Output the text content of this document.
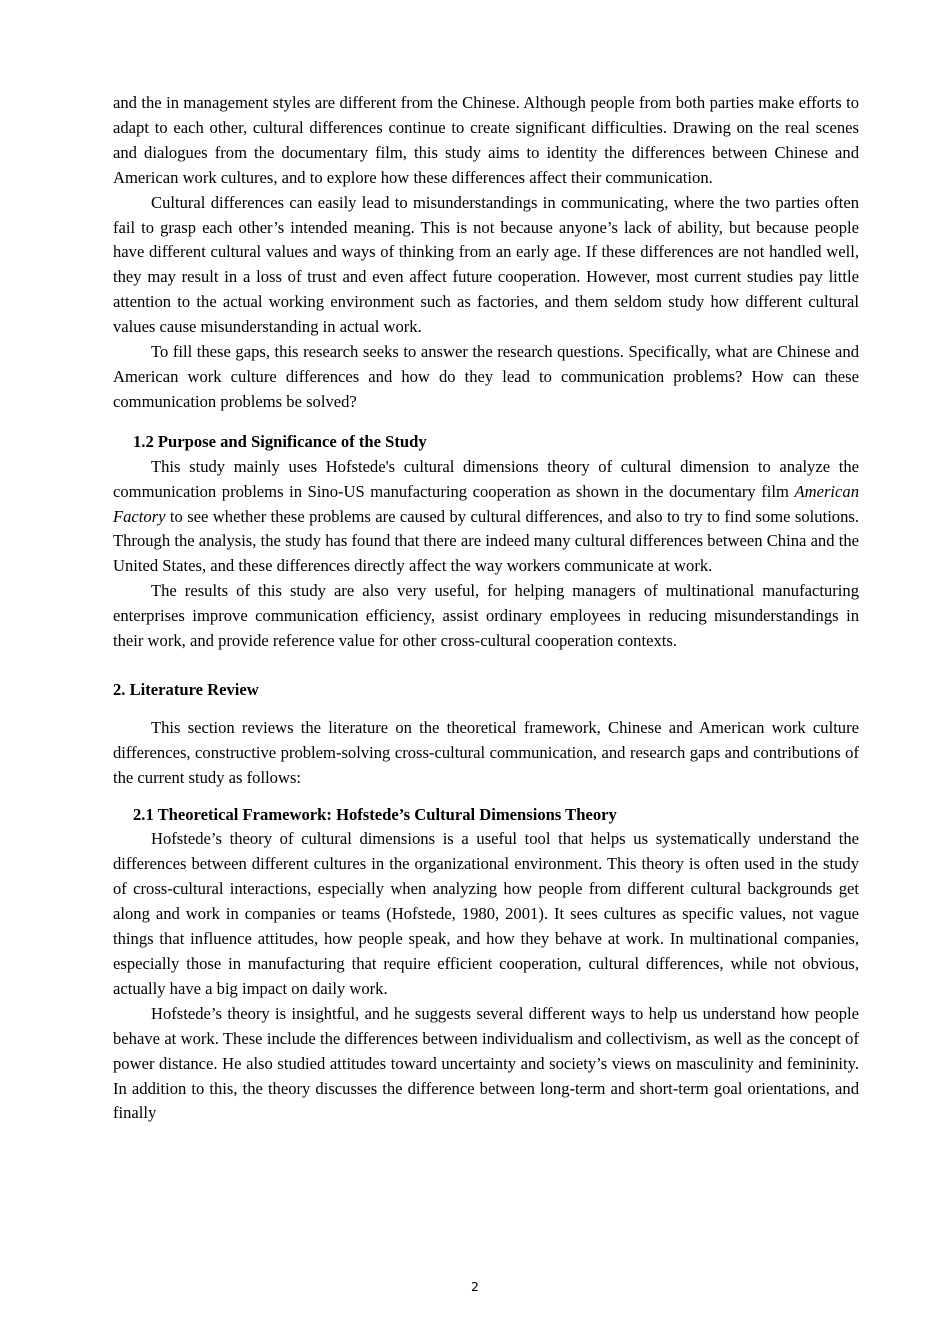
and the in management styles are different from the Chinese. Although people from both parties make efforts to adapt to each other, cultural differences continue to create significant difficulties. Drawing on the real scenes and dialogues from the documentary film, this study aims to identity the differences between Chinese and American work cultures, and to explore how these differences affect their communication.

Cultural differences can easily lead to misunderstandings in communicating, where the two parties often fail to grasp each other’s intended meaning. This is not because anyone’s lack of ability, but because people have different cultural values and ways of thinking from an early age. If these differences are not handled well, they may result in a loss of trust and even affect future cooperation. However, most current studies pay little attention to the actual working environment such as factories, and them seldom study how different cultural values cause misunderstanding in actual work.

To fill these gaps, this research seeks to answer the research questions. Specifically, what are Chinese and American work culture differences and how do they lead to communication problems? How can these communication problems be solved?

1.2 Purpose and Significance of the Study

This study mainly uses Hofstede's cultural dimensions theory of cultural dimension to analyze the communication problems in Sino-US manufacturing cooperation as shown in the documentary film American Factory to see whether these problems are caused by cultural differences, and also to try to find some solutions. Through the analysis, the study has found that there are indeed many cultural differences between China and the United States, and these differences directly affect the way workers communicate at work.

The results of this study are also very useful, for helping managers of multinational manufacturing enterprises improve communication efficiency, assist ordinary employees in reducing misunderstandings in their work, and provide reference value for other cross-cultural cooperation contexts.

2. Literature Review

This section reviews the literature on the theoretical framework, Chinese and American work culture differences, constructive problem-solving cross-cultural communication, and research gaps and contributions of the current study as follows:

2.1 Theoretical Framework: Hofstede’s Cultural Dimensions Theory

Hofstede’s theory of cultural dimensions is a useful tool that helps us systematically understand the differences between different cultures in the organizational environment. This theory is often used in the study of cross-cultural interactions, especially when analyzing how people from different cultural backgrounds get along and work in companies or teams (Hofstede, 1980, 2001). It sees cultures as specific values, not vague things that influence attitudes, how people speak, and how they behave at work. In multinational companies, especially those in manufacturing that require efficient cooperation, cultural differences, while not obvious, actually have a big impact on daily work.

Hofstede’s theory is insightful, and he suggests several different ways to help us understand how people behave at work. These include the differences between individualism and collectivism, as well as the concept of power distance. He also studied attitudes toward uncertainty and society’s views on masculinity and femininity. In addition to this, the theory discusses the difference between long-term and short-term goal orientations, and finally

2
